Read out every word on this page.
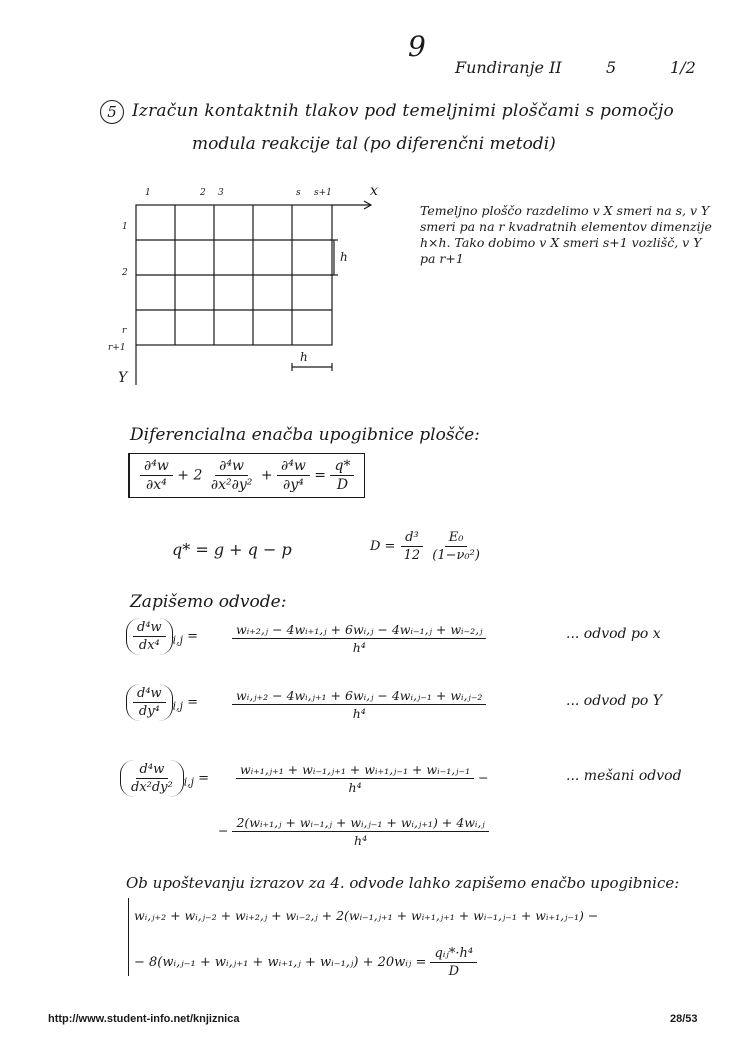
9
Fundiranje II	5	1/2
5 Izračun kontaktnih tlakov pod temeljnimi ploščami s pomočjo
modula reakcije tal (po diferenčni metodi)
x
Y
1	2 3	s s+1
1
2
r
r+1
h
h
Temeljno ploščo razdelimo v X smeri na s, v Y smeri pa na r kvadratnih elementov dimenzije h×h. Tako dobimo v X smeri s+1 vozlišč, v Y pa r+1
Diferencialna enačba upogibnice plošče:
$\frac{\text{∂⁴w}}{\text{∂x⁴}} + 2 \frac{\text{∂⁴w}}{\text{∂x²∂y²}} + \frac{\text{∂⁴w}}{\text{∂y⁴}} = \frac{q*}{D}$
q* = g + q − p	$D = \frac{\text{d³}}{12}$
$\frac{\text{E₀}}{\text{(1−ν₀²)}}$
Zapišemo odvode:
$\frac{\text{d⁴w}}{\text{dx⁴}} _{i,j}$ =	$\frac{\text{wᵢ₊₂,ⱼ − 4wᵢ₊₁,ⱼ + 6wᵢ,ⱼ − 4wᵢ₋₁,ⱼ + wᵢ₋₂,ⱼ}}{\text{h⁴}}$	... odvod po x
$\frac{\text{d⁴w}}{\text{dy⁴}} _{i,j}$ =	$\frac{\text{wᵢ,ⱼ₊₂ − 4wᵢ,ⱼ₊₁ + 6wᵢ,ⱼ − 4wᵢ,ⱼ₋₁ + wᵢ,ⱼ₋₂}}{\text{h⁴}}$	... odvod po Y
$\frac{\text{d⁴w}}{\text{dx²dy²}} _{i,j} = \frac{\text{wᵢ₊₁,ⱼ₊₁ + wᵢ₋₁,ⱼ₊₁ + wᵢ₊₁,ⱼ₋₁ + wᵢ₋₁,ⱼ₋₁}}{\text{h⁴}}$ −	... mešani odvod
− $\frac{\text{2(wᵢ₊₁,ⱼ + wᵢ₋₁,ⱼ + wᵢ,ⱼ₋₁ + wᵢ,ⱼ₊₁) + 4wᵢ,ⱼ}}{\text{h⁴}}$
Ob upoštevanju izrazov za 4. odvode lahko zapišemo enačbo upogibnice:
wᵢ,ⱼ₊₂ + wᵢ,ⱼ₋₂ + wᵢ₊₂,ⱼ + wᵢ₋₂,ⱼ + 2(wᵢ₋₁,ⱼ₊₁ + wᵢ₊₁,ⱼ₊₁ + wᵢ₋₁,ⱼ₋₁ + wᵢ₊₁,ⱼ₋₁) −
− 8(wᵢ,ⱼ₋₁ + wᵢ,ⱼ₊₁ + wᵢ₊₁,ⱼ + wᵢ₋₁,ⱼ) + 20wᵢⱼ = $\frac{\text{qᵢⱼ*·h⁴}}{D}$
http://www.student-info.net/knjiznica	28/53
